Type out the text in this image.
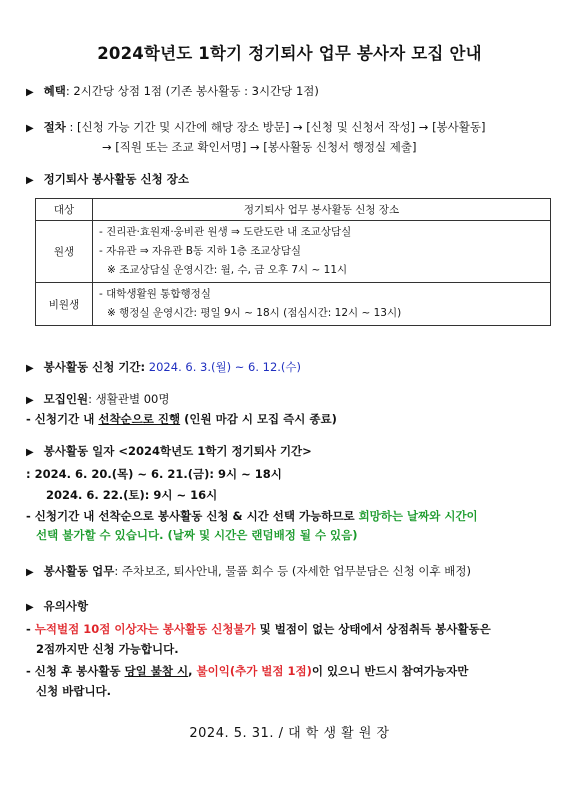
2024학년도 1학기 정기퇴사 업무 봉사자 모집 안내
▶ 혜택: 2시간당 상점 1점 (기존 봉사활동 : 3시간당 1점)
▶ 절차 : [신청 가능 기간 및 시간에 해당 장소 방문] → [신청 및 신청서 작성] → [봉사활동]
→ [직원 또는 조교 확인서명] → [봉사활동 신청서 행정실 제출]
▶ 정기퇴사 봉사활동 신청 장소
대상	정기퇴사 업무 봉사활동 신청 장소
원생	- 진리관·효원재·웅비관 원생 ⇒ 도란도란 내 조교상담실
- 자유관 ⇒ 자유관 B동 지하 1층 조교상담실
※ 조교상담실 운영시간: 월, 수, 금 오후 7시 ~ 11시

비원생	- 대학생활원 통합행정실
※ 행정실 운영시간: 평일 9시 ~ 18시 (점심시간: 12시 ~ 13시)
▶ 봉사활동 신청 기간: 2024. 6. 3.(월) ~ 6. 12.(수)
▶ 모집인원: 생활관별 00명
- 신청기간 내 선착순으로 진행 (인원 마감 시 모집 즉시 종료)
▶ 봉사활동 일자 <2024학년도 1학기 정기퇴사 기간>
: 2024. 6. 20.(목) ~ 6. 21.(금): 9시 ~ 18시
2024. 6. 22.(토): 9시 ~ 16시
- 신청기간 내 선착순으로 봉사활동 신청 & 시간 선택 가능하므로 희망하는 날짜와 시간이
선택 불가할 수 있습니다. (날짜 및 시간은 랜덤배정 될 수 있음)
▶ 봉사활동 업무: 주차보조, 퇴사안내, 물품 회수 등 (자세한 업무분담은 신청 이후 배정)
▶ 유의사항
- 누적벌점 10점 이상자는 봉사활동 신청불가 및 벌점이 없는 상태에서 상점취득 봉사활동은
2점까지만 신청 가능합니다.
- 신청 후 봉사활동 당일 불참 시, 불이익(추가 벌점 1점)이 있으니 반드시 참여가능자만
신청 바랍니다.
2024. 5. 31. / 대 학 생 활 원 장
